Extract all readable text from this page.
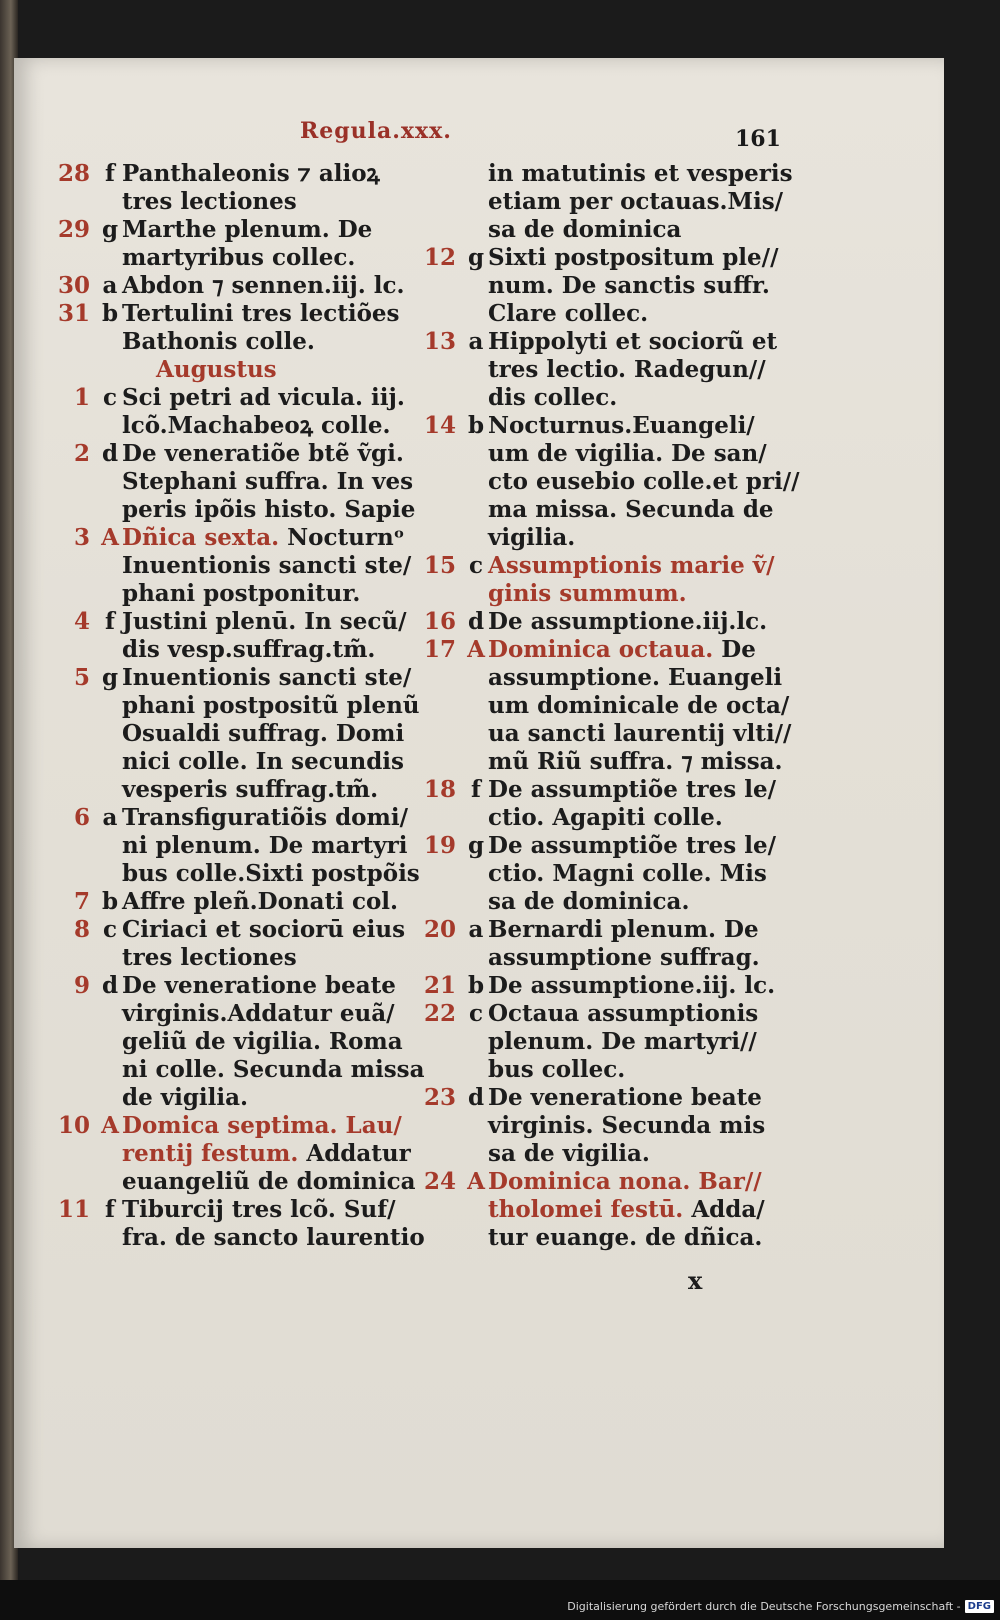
Regula.xxx.	161
28 f Panthaleonis ⁊ alioꝝ
tres lectiones
29 g Marthe plenum. De
martyribus collec.
30 a Abdon ⁊ sennen.iij. lc.
31 b Tertulini tres lectiões
Bathonis colle.
Augustus
1 c Sci petri ad vicula. iij.
lcõ.Machabeoꝝ colle.
2 d De veneratiõe btẽ ṽgi.
Stephani suffra. In ves
peris ipõis histo. Sapie
3 A Dñica sexta. Nocturnᵒ
Inuentionis sancti ste/
phani postponitur.
4 f Justini plenū. In secũ/
dis vesp.suffrag.tm̃.
5 g Inuentionis sancti ste/
phani postpositũ plenũ
Osualdi suffrag. Domi
nici colle. In secundis
vesperis suffrag.tm̃.
6 a Transfiguratiõis domi/
ni plenum. De martyri
bus colle.Sixti postpõis
7 b Affre pleñ.Donati col.
8 c Ciriaci et sociorū eius
tres lectiones
9 d De veneratione beate
virginis.Addatur euã/
geliũ de vigilia. Roma
ni colle. Secunda missa
de vigilia.
10 A Domica septima. Lau/
rentij festum. Addatur
euangeliũ de dominica
11 f Tiburcij tres lcõ. Suf/
fra. de sancto laurentio
in matutinis et vesperis
etiam per octauas.Mis/
sa de dominica
12 g Sixti postpositum ple//
num. De sanctis suffr.
Clare collec.
13 a Hippolyti et sociorũ et
tres lectio. Radegun//
dis collec.
14 b Nocturnus.Euangeli/
um de vigilia. De san/
cto eusebio colle.et pri//
ma missa. Secunda de
vigilia.
15 c Assumptionis marie ṽ/
ginis summum.
16 d De assumptione.iij.lc.
17 A Dominica octaua. De
assumptione. Euangeli
um dominicale de octa/
ua sancti laurentij vlti//
mũ Riũ suffra. ⁊ missa.
18 f De assumptiõe tres le/
ctio. Agapiti colle.
19 g De assumptiõe tres le/
ctio. Magni colle. Mis
sa de dominica.
20 a Bernardi plenum. De
assumptione suffrag.
21 b De assumptione.iij. lc.
22 c Octaua assumptionis
plenum. De martyri//
bus collec.
23 d De veneratione beate
virginis. Secunda mis
sa de vigilia.
24 A Dominica nona. Bar//
tholomei festū. Adda/
tur euange. de dñica.
x
Digitalisierung gefördert durch die Deutsche Forschungsgemeinschaft - DFG
